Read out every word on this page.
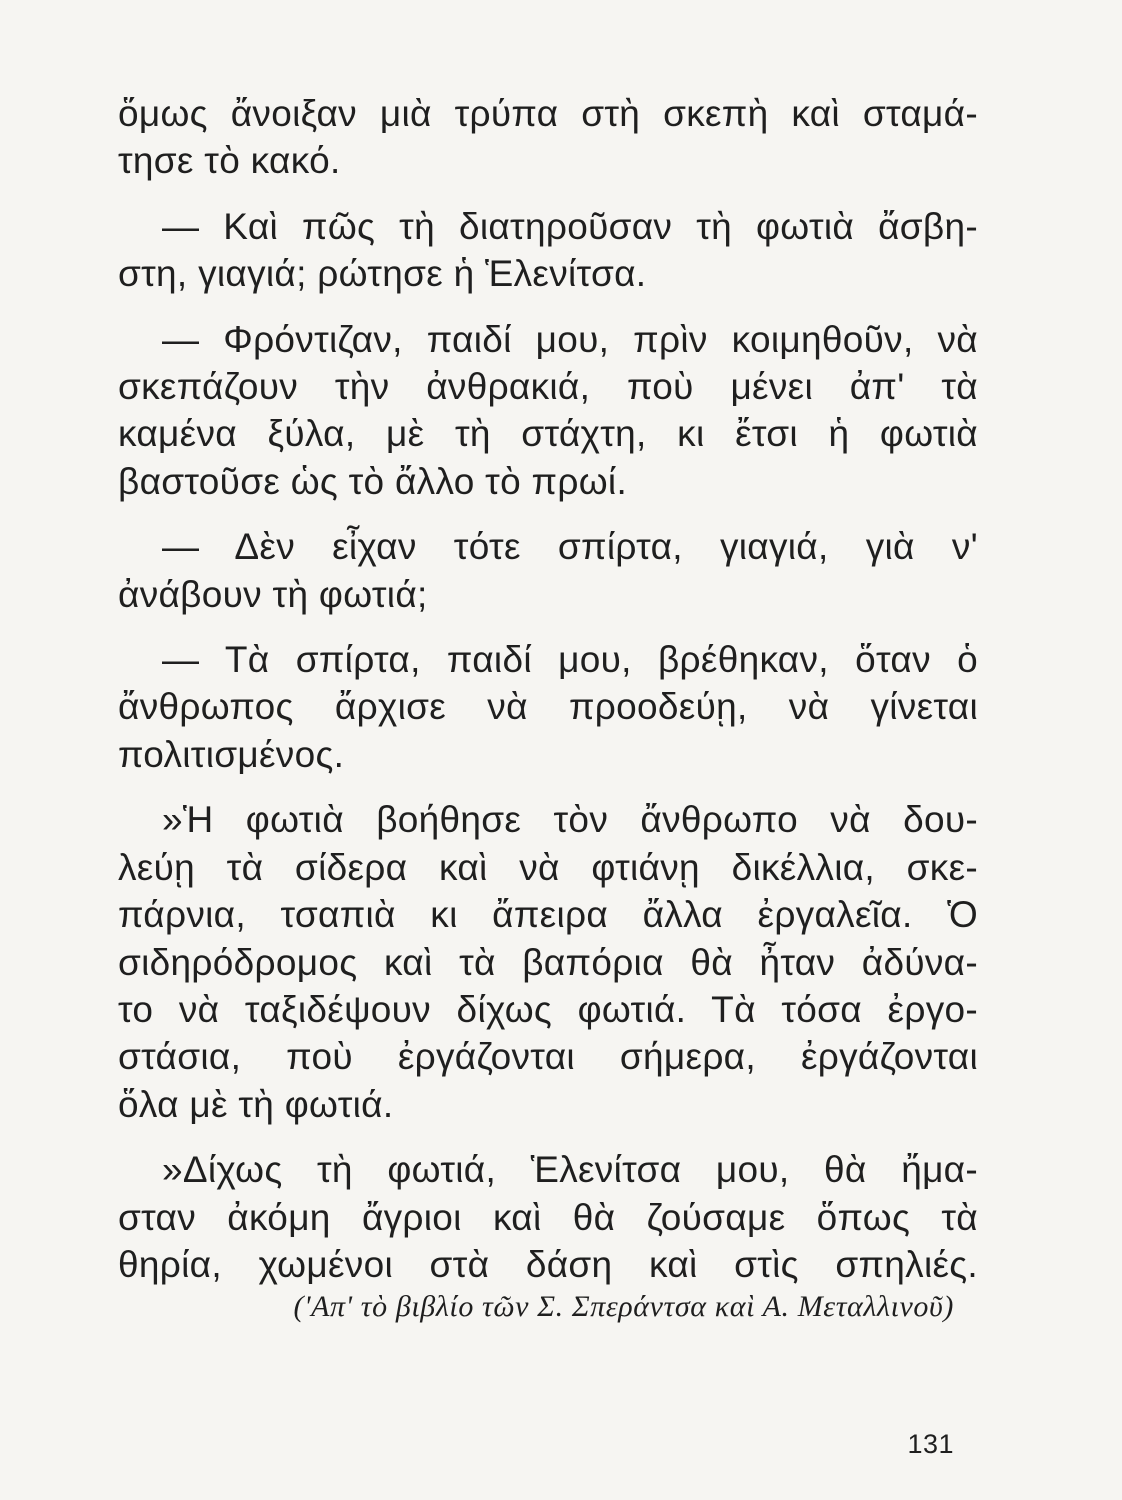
ὅμως ἄνοιξαν μιὰ τρύπα στὴ σκεπὴ καὶ σταμά-
τησε τὸ κακό.
— Καὶ πῶς τὴ διατηροῦσαν τὴ φωτιὰ ἄσβη-
στη, γιαγιά; ρώτησε ἡ Ἑλενίτσα.
— Φρόντιζαν, παιδί μου, πρὶν κοιμηθοῦν, νὰ
σκεπάζουν τὴν ἀνθρακιά, ποὺ μένει ἀπ' τὰ
καμένα ξύλα, μὲ τὴ στάχτη, κι ἔτσι ἡ φωτιὰ
βαστοῦσε ὡς τὸ ἄλλο τὸ πρωί.
— Δὲν εἶχαν τότε σπίρτα, γιαγιά, γιὰ ν'
ἀνάβουν τὴ φωτιά;
— Τὰ σπίρτα, παιδί μου, βρέθηκαν, ὅταν ὁ
ἄνθρωπος ἄρχισε νὰ προοδεύῃ, νὰ γίνεται
πολιτισμένος.
»Ἡ φωτιὰ βοήθησε τὸν ἄνθρωπο νὰ δου-
λεύῃ τὰ σίδερα καὶ νὰ φτιάνῃ δικέλλια, σκε-
πάρνια, τσαπιὰ κι ἄπειρα ἄλλα ἐργαλεῖα. Ὁ
σιδηρόδρομος καὶ τὰ βαπόρια θὰ ἦταν ἀδύνα-
το νὰ ταξιδέψουν δίχως φωτιά. Τὰ τόσα ἐργο-
στάσια, ποὺ ἐργάζονται σήμερα, ἐργάζονται
ὅλα μὲ τὴ φωτιά.
»Δίχως τὴ φωτιά, Ἑλενίτσα μου, θὰ ἤμα-
σταν ἀκόμη ἄγριοι καὶ θὰ ζούσαμε ὅπως τὰ
θηρία, χωμένοι στὰ δάση καὶ στὶς σπηλιές.
('Απ' τὸ βιβλίο τῶν Σ. Σπεράντσα καὶ Α. Μεταλλινοῦ)
131
